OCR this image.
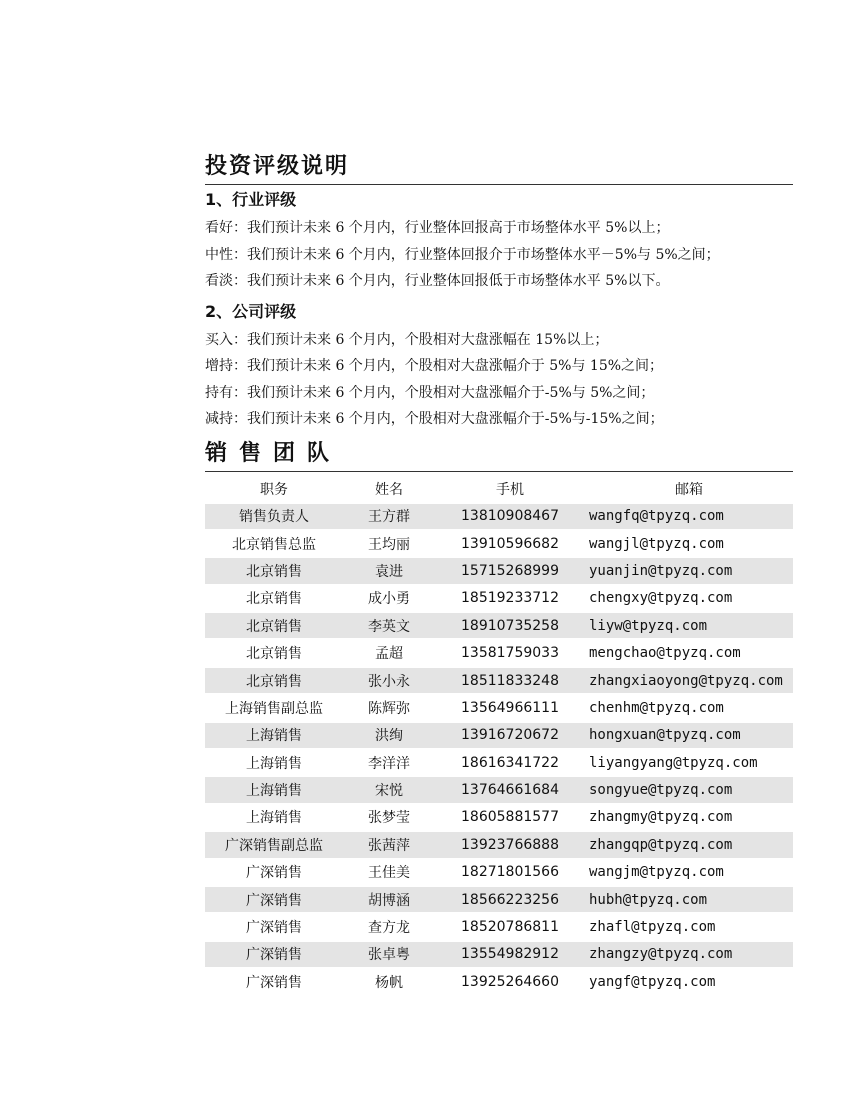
投资评级说明
1、行业评级
看好：我们预计未来 6 个月内，行业整体回报高于市场整体水平 5%以上；
中性：我们预计未来 6 个月内，行业整体回报介于市场整体水平－5%与 5%之间；
看淡：我们预计未来 6 个月内，行业整体回报低于市场整体水平 5%以下。
2、公司评级
买入：我们预计未来 6 个月内，个股相对大盘涨幅在 15%以上；
增持：我们预计未来 6 个月内，个股相对大盘涨幅介于 5%与 15%之间；
持有：我们预计未来 6 个月内，个股相对大盘涨幅介于-5%与 5%之间；
减持：我们预计未来 6 个月内，个股相对大盘涨幅介于-5%与-15%之间；
销售团队
职务	姓名	手机	邮箱
销售负责人	王方群	13810908467	wangfq@tpyzq.com
北京销售总监	王均丽	13910596682	wangjl@tpyzq.com
北京销售	袁进	15715268999	yuanjin@tpyzq.com
北京销售	成小勇	18519233712	chengxy@tpyzq.com
北京销售	李英文	18910735258	liyw@tpyzq.com
北京销售	孟超	13581759033	mengchao@tpyzq.com
北京销售	张小永	18511833248	zhangxiaoyong@tpyzq.com
上海销售副总监	陈辉弥	13564966111	chenhm@tpyzq.com
上海销售	洪绚	13916720672	hongxuan@tpyzq.com
上海销售	李洋洋	18616341722	liyangyang@tpyzq.com
上海销售	宋悦	13764661684	songyue@tpyzq.com
上海销售	张梦莹	18605881577	zhangmy@tpyzq.com
广深销售副总监	张茜萍	13923766888	zhangqp@tpyzq.com
广深销售	王佳美	18271801566	wangjm@tpyzq.com
广深销售	胡博涵	18566223256	hubh@tpyzq.com
广深销售	查方龙	18520786811	zhafl@tpyzq.com
广深销售	张卓粤	13554982912	zhangzy@tpyzq.com
广深销售	杨帆	13925264660	yangf@tpyzq.com
